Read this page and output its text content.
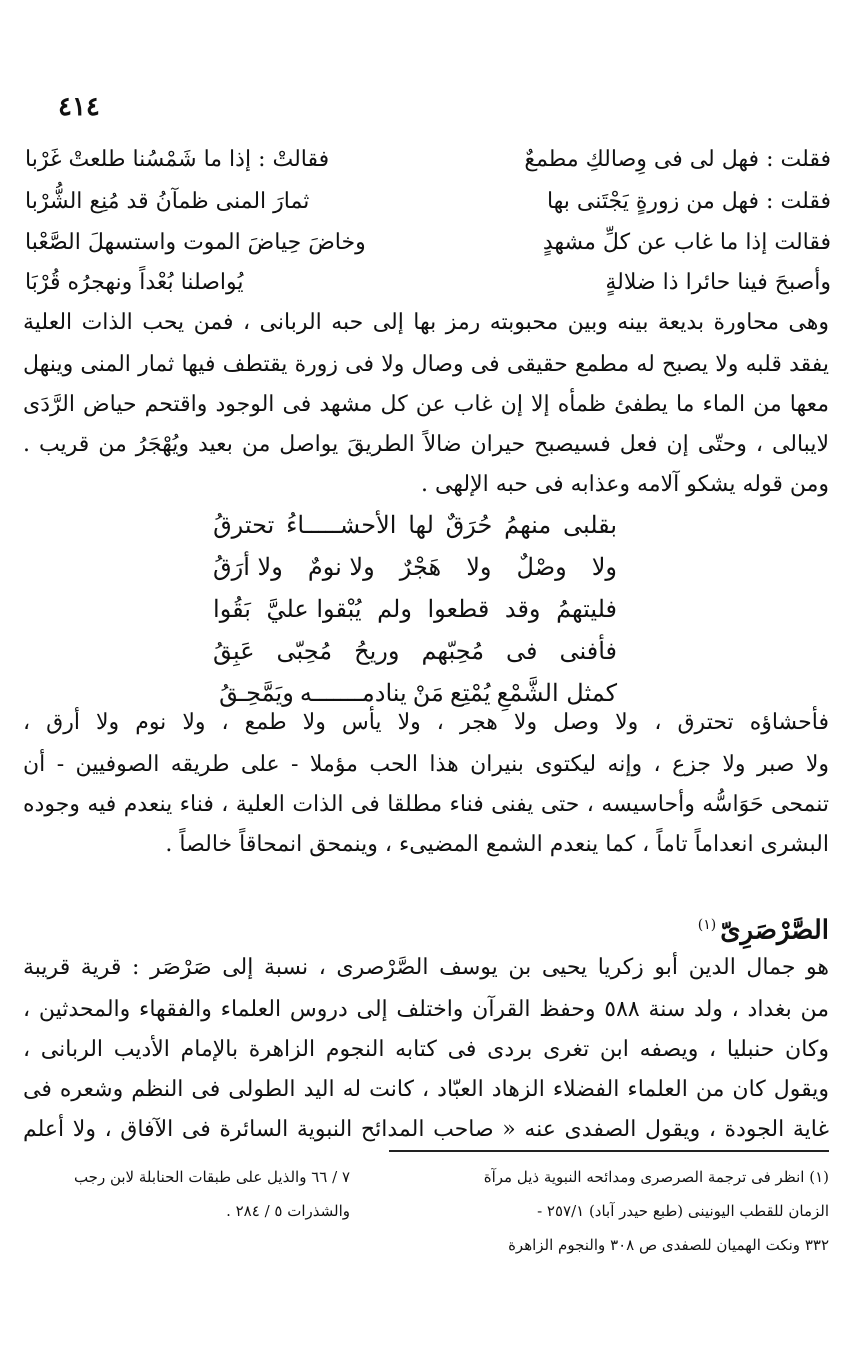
٤١٤
فقلت : فهل لى فى وِصالكِ مطمعٌ
فقالتْ : إذا ما شَمْسُنا طلعتْ غَرْبا
فقلت : فهل من زورةٍ يَجْتَنى بها
ثمارَ المنى ظمآنُ قد مُنِع الشُّرْبا
فقالت إذا ما غاب عن كلِّ مشهدٍ
وخاضَ حِياضَ الموت واستسهلَ الصَّعْبا
وأصبحَ فينا حائرا ذا ضلالةٍ
يُواصلنا بُعْداً ونهجرُه قُرْبَا
وهى محاورة بديعة بينه وبين محبوبته رمز بها إلى حبه الربانى ، فمن يحب الذات العلية
يفقد قلبه ولا يصبح له مطمع حقيقى فى وصال ولا فى زورة يقتطف فيها ثمار المنى وينهل
معها من الماء ما يطفئ ظمأه إلا إن غاب عن كل مشهد فى الوجود واقتحم حياض الرَّدَى
لايبالى ، وحتّى إن فعل فسيصبح حيران ضالاً الطريقَ يواصل من بعيد ويُهْجَرُ من قريب .
ومن قوله يشكو آلامه وعذابه فى حبه الإلهى .
بقلبى
منهمُ
حُرَقٌ
لها
الأحشـــــاءُ
تحترقُ
ولا
وصْلٌ
ولا
هَجْرٌ
ولا نومٌ
ولا أرَقُ
فليتهمُ
وقد
قطعوا
ولم
يُبْقوا عليَّ
بَقُوا
فأفنى
فى
مُحِبّهم
وريحُ
مُحِبّى
عَبِقُ
كمثل الشَّمْعِ
يُمْتِع
مَنْ
ينادمـــــــه
ويَمَّحِـقُ
فأحشاؤه تحترق ، ولا وصل ولا هجر ، ولا يأس ولا طمع ، ولا نوم ولا أرق ،
ولا صبر ولا جزع ، وإنه ليكتوى بنيران هذا الحب مؤملا - على طريقه الصوفيين - أن
تنمحى حَوَاسُّه وأحاسيسه ، حتى يفنى فناء مطلقا فى الذات العلية ، فناء ينعدم فيه وجوده
البشرى انعداماً تاماً ، كما ينعدم الشمع المضيىء ، وينمحق انمحاقاً خالصاً .
الصَّرْصَرِىّ$^{(١)}$
هو جمال الدين أبو زكريا يحيى بن يوسف الصَّرْصرى ، نسبة إلى صَرْصَر : قرية قريبة
من بغداد ، ولد سنة ٥٨٨ وحفظ القرآن واختلف إلى دروس العلماء والفقهاء والمحدثين ،
وكان حنبليا ، ويصفه ابن تغرى بردى فى كتابه النجوم الزاهرة بالإمام الأديب الربانى ،
ويقول كان من العلماء الفضلاء الزهاد العبّاد ، كانت له اليد الطولى فى النظم وشعره فى
غاية الجودة ، ويقول الصفدى عنه « صاحب المدائح النبوية السائرة فى الآفاق ، ولا أعلم
(١) انظر فى ترجمة الصرصرى ومدائحه النبوية ذيل مرآة
الزمان للقطب اليونينى (طبع حيدر آباد) ٢٥٧/١ -
٣٣٢ ونكت الهميان للصفدى ص ٣٠٨ والنجوم الزاهرة
٧ / ٦٦ والذيل على طبقات الحنابلة لابن رجب
والشذرات ٥ / ٢٨٤ .
